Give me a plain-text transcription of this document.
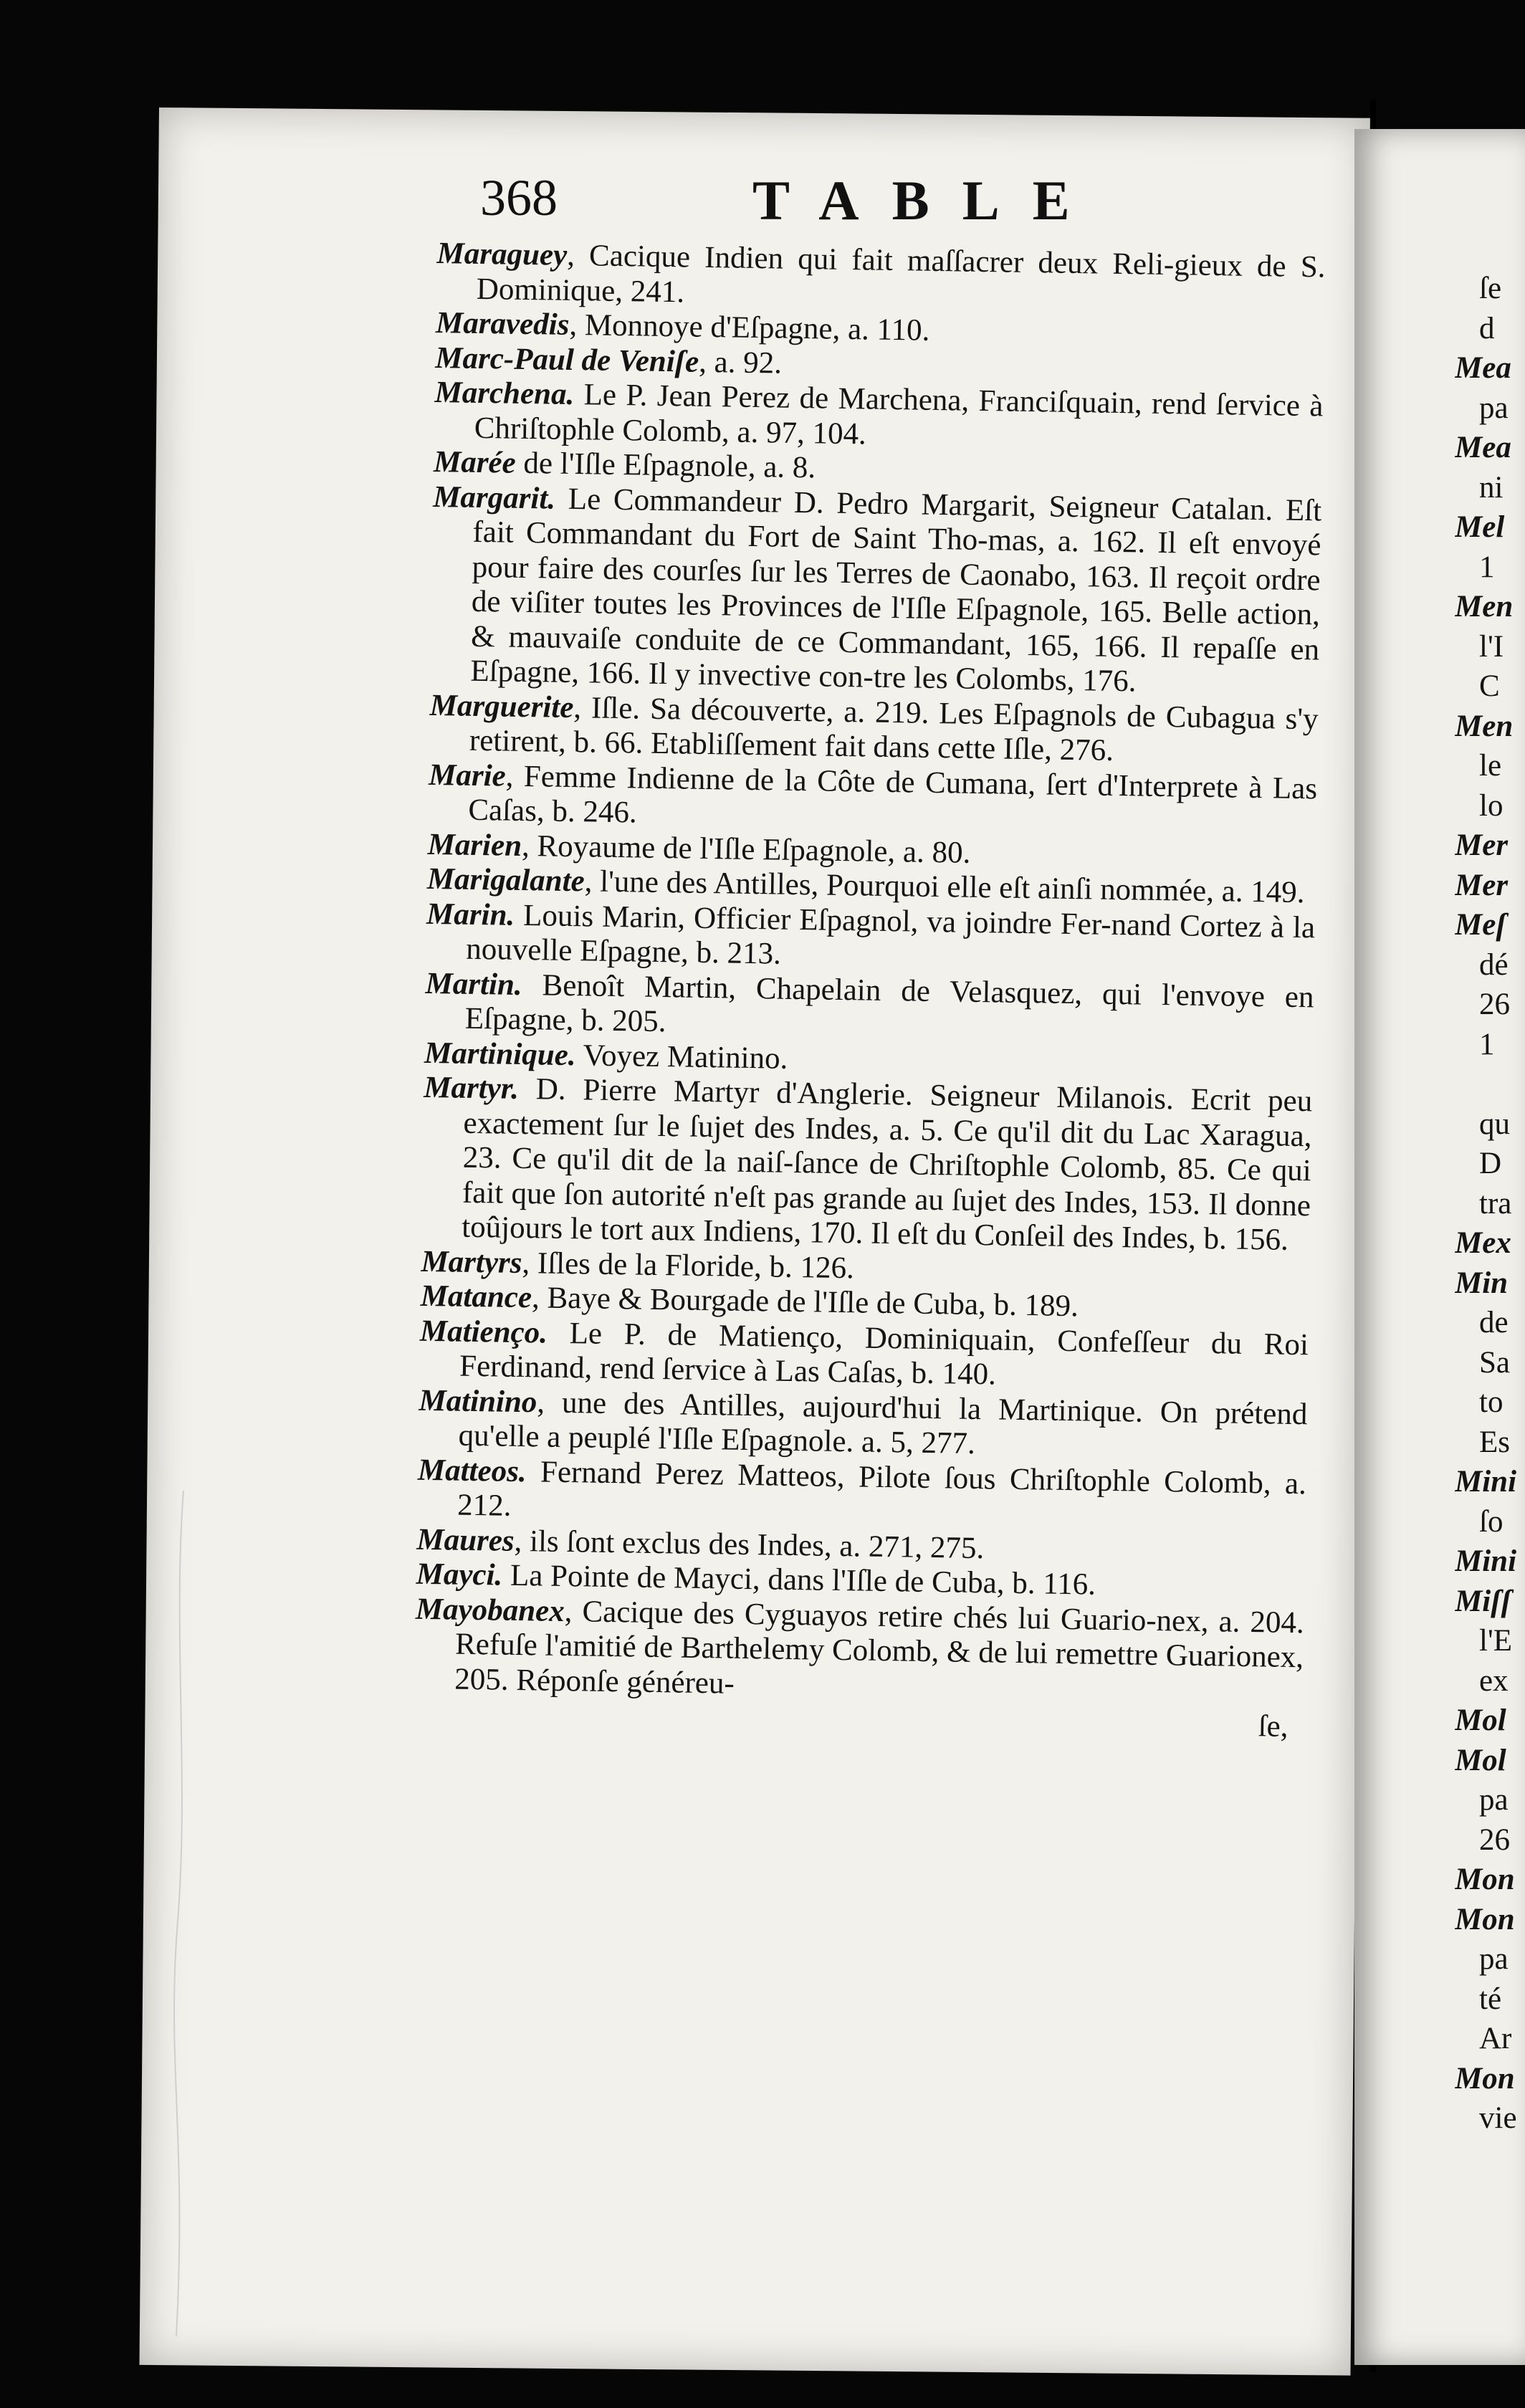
368	TABLE

Maraguey, Cacique Indien qui fait maſſacrer deux Reli-gieux de S. Dominique, 241.

Maravedis, Monnoye d'Eſpagne, a. 110.

Marc-Paul de Veniſe, a. 92.

Marchena. Le P. Jean Perez de Marchena, Franciſquain, rend ſervice à Chriſtophle Colomb, a. 97, 104.

Marée de l'Iſle Eſpagnole, a. 8.

Margarit. Le Commandeur D. Pedro Margarit, Seigneur Catalan. Eſt fait Commandant du Fort de Saint Tho-mas, a. 162. Il eſt envoyé pour faire des courſes ſur les Terres de Caonabo, 163. Il reçoit ordre de viſiter toutes les Provinces de l'Iſle Eſpagnole, 165. Belle action, & mauvaiſe conduite de ce Commandant, 165, 166. Il repaſſe en Eſpagne, 166. Il y invective con-tre les Colombs, 176.

Marguerite, Iſle. Sa découverte, a. 219. Les Eſpagnols de Cubagua s'y retirent, b. 66. Etabliſſement fait dans cette Iſle, 276.

Marie, Femme Indienne de la Côte de Cumana, ſert d'Interprete à Las Caſas, b. 246.

Marien, Royaume de l'Iſle Eſpagnole, a. 80.

Marigalante, l'une des Antilles, Pourquoi elle eſt ainſi nommée, a. 149.

Marin. Louis Marin, Officier Eſpagnol, va joindre Fer-nand Cortez à la nouvelle Eſpagne, b. 213.

Martin. Benoît Martin, Chapelain de Velasquez, qui l'envoye en Eſpagne, b. 205.

Martinique. Voyez Matinino.

Martyr. D. Pierre Martyr d'Anglerie. Seigneur Milanois. Ecrit peu exactement ſur le ſujet des Indes, a. 5. Ce qu'il dit du Lac Xaragua, 23. Ce qu'il dit de la naiſ-ſance de Chriſtophle Colomb, 85. Ce qui fait que ſon autorité n'eſt pas grande au ſujet des Indes, 153. Il donne toûjours le tort aux Indiens, 170. Il eſt du Conſeil des Indes, b. 156.

Martyrs, Iſles de la Floride, b. 126.

Matance, Baye & Bourgade de l'Iſle de Cuba, b. 189.

Matienço. Le P. de Matienço, Dominiquain, Confeſſeur du Roi Ferdinand, rend ſervice à Las Caſas, b. 140.

Matinino, une des Antilles, aujourd'hui la Martinique. On prétend qu'elle a peuplé l'Iſle Eſpagnole. a. 5, 277.

Matteos. Fernand Perez Matteos, Pilote ſous Chriſtophle Colomb, a. 212.

Maures, ils ſont exclus des Indes, a. 271, 275.

Mayci. La Pointe de Mayci, dans l'Iſle de Cuba, b. 116.

Mayobanex, Cacique des Cyguayos retire chés lui Guario-nex, a. 204. Refuſe l'amitié de Barthelemy Colomb, & de lui remettre Guarionex, 205. Réponſe généreu-

ſe,

ſe
d
Mea
pa
Mea
ni
Mel
1
Men
l'I
C
Men
le
lo
Mer
Mer
Meſ
dé
26
1
qu
D
tra
Mex
Min
de
Sa
to
Es
Mini
ſo
Mini
Miſſ
l'E
ex
Mol
Mol
pa
26
Mon
Mon
pa
té
Ar
Mon
vie
